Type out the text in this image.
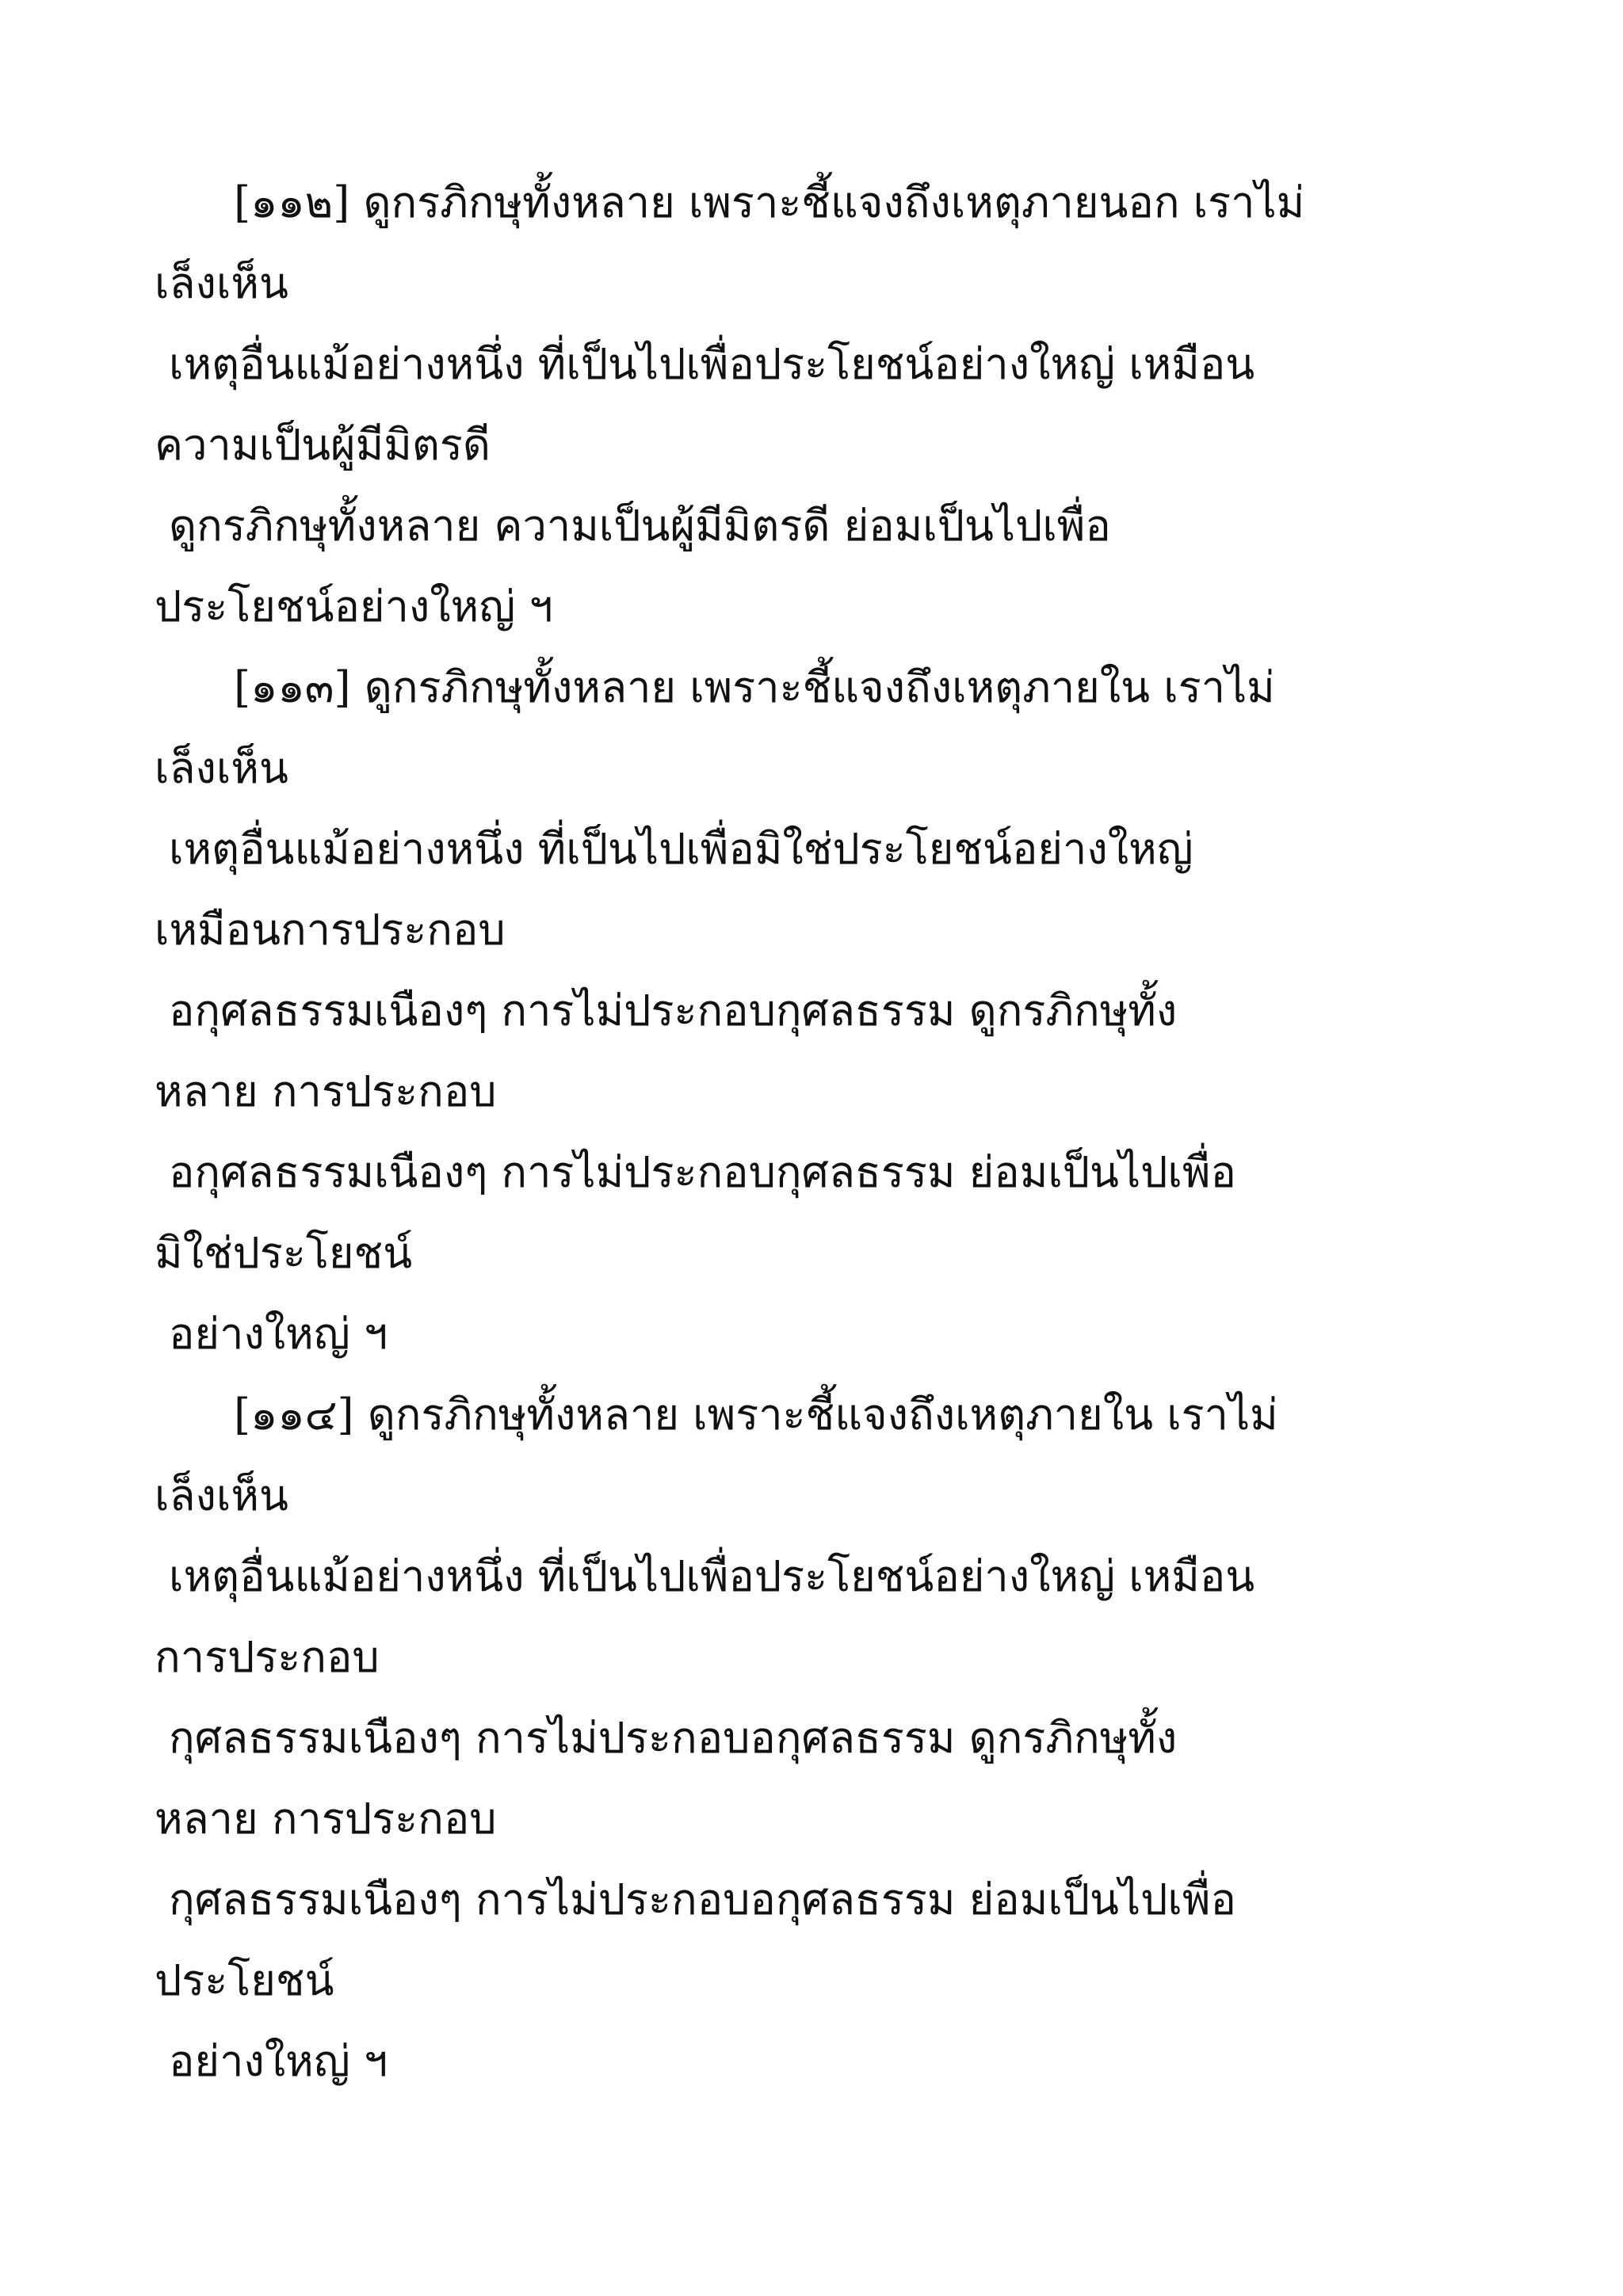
[๑๑๒] ดูกรภิกษุทั้งหลาย เพราะชี้แจงถึงเหตุภายนอก เราไม่
เล็งเห็น
เหตุอื่นแม้อย่างหนึ่ง ที่เป็นไปเพื่อประโยชน์อย่างใหญ่ เหมือน
ความเป็นผู้มีมิตรดี
ดูกรภิกษุทั้งหลาย ความเป็นผู้มีมิตรดี ย่อมเป็นไปเพื่อ
ประโยชน์อย่างใหญ่ ฯ
[๑๑๓] ดูกรภิกษุทั้งหลาย เพราะชี้แจงถึงเหตุภายใน เราไม่
เล็งเห็น
เหตุอื่นแม้อย่างหนึ่ง ที่เป็นไปเพื่อมิใช่ประโยชน์อย่างใหญ่
เหมือนการประกอบ
อกุศลธรรมเนืองๆ การไม่ประกอบกุศลธรรม ดูกรภิกษุทั้ง
หลาย การประกอบ
อกุศลธรรมเนืองๆ การไม่ประกอบกุศลธรรม ย่อมเป็นไปเพื่อ
มิใช่ประโยชน์
อย่างใหญ่ ฯ
[๑๑๔] ดูกรภิกษุทั้งหลาย เพราะชี้แจงถึงเหตุภายใน เราไม่
เล็งเห็น
เหตุอื่นแม้อย่างหนึ่ง ที่เป็นไปเพื่อประโยชน์อย่างใหญ่ เหมือน
การประกอบ
กุศลธรรมเนืองๆ การไม่ประกอบอกุศลธรรม ดูกรภิกษุทั้ง
หลาย การประกอบ
กุศลธรรมเนืองๆ การไม่ประกอบอกุศลธรรม ย่อมเป็นไปเพื่อ
ประโยชน์
อย่างใหญ่ ฯ
